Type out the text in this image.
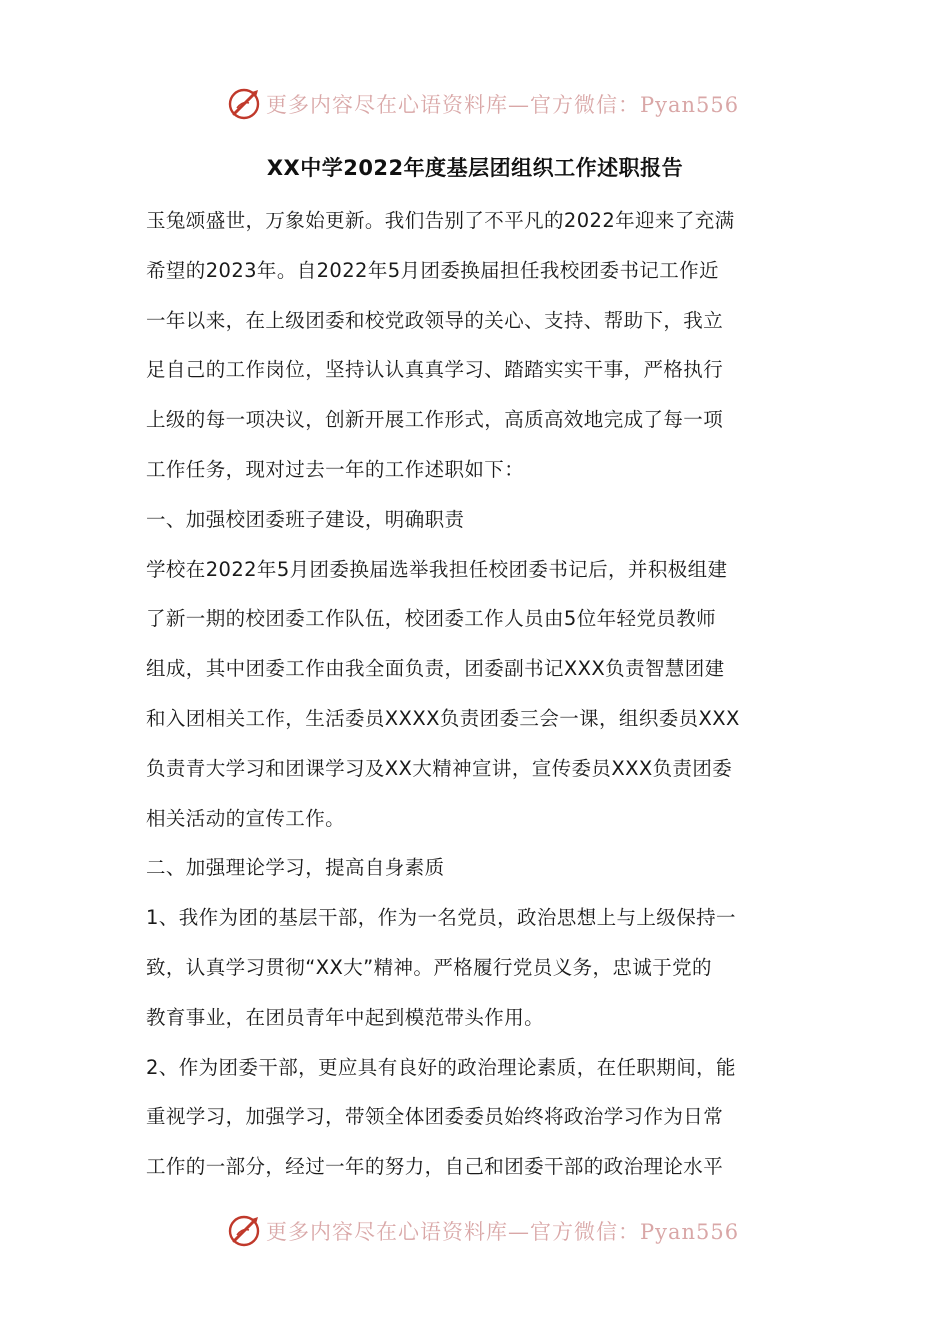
更多内容尽在心语资料库—官方微信：Pyan556
XX中学2022年度基层团组织工作述职报告
玉兔颂盛世，万象始更新。我们告别了不平凡的2022年迎来了充满
希望的2023年。自2022年5月团委换届担任我校团委书记工作近
一年以来，在上级团委和校党政领导的关心、支持、帮助下，我立
足自己的工作岗位，坚持认认真真学习、踏踏实实干事，严格执行
上级的每一项决议，创新开展工作形式，高质高效地完成了每一项
工作任务，现对过去一年的工作述职如下：
一、加强校团委班子建设，明确职责
学校在2022年5月团委换届选举我担任校团委书记后，并积极组建
了新一期的校团委工作队伍，校团委工作人员由5位年轻党员教师
组成，其中团委工作由我全面负责，团委副书记XXX负责智慧团建
和入团相关工作，生活委员XXXX负责团委三会一课，组织委员XXX
负责青大学习和团课学习及XX大精神宣讲，宣传委员XXX负责团委
相关活动的宣传工作。
二、加强理论学习，提高自身素质
1、我作为团的基层干部，作为一名党员，政治思想上与上级保持一
致，认真学习贯彻“XX大”精神。严格履行党员义务，忠诚于党的
教育事业，在团员青年中起到模范带头作用。
2、作为团委干部，更应具有良好的政治理论素质，在任职期间，能
重视学习，加强学习，带领全体团委委员始终将政治学习作为日常
工作的一部分，经过一年的努力，自己和团委干部的政治理论水平
更多内容尽在心语资料库—官方微信：Pyan556
